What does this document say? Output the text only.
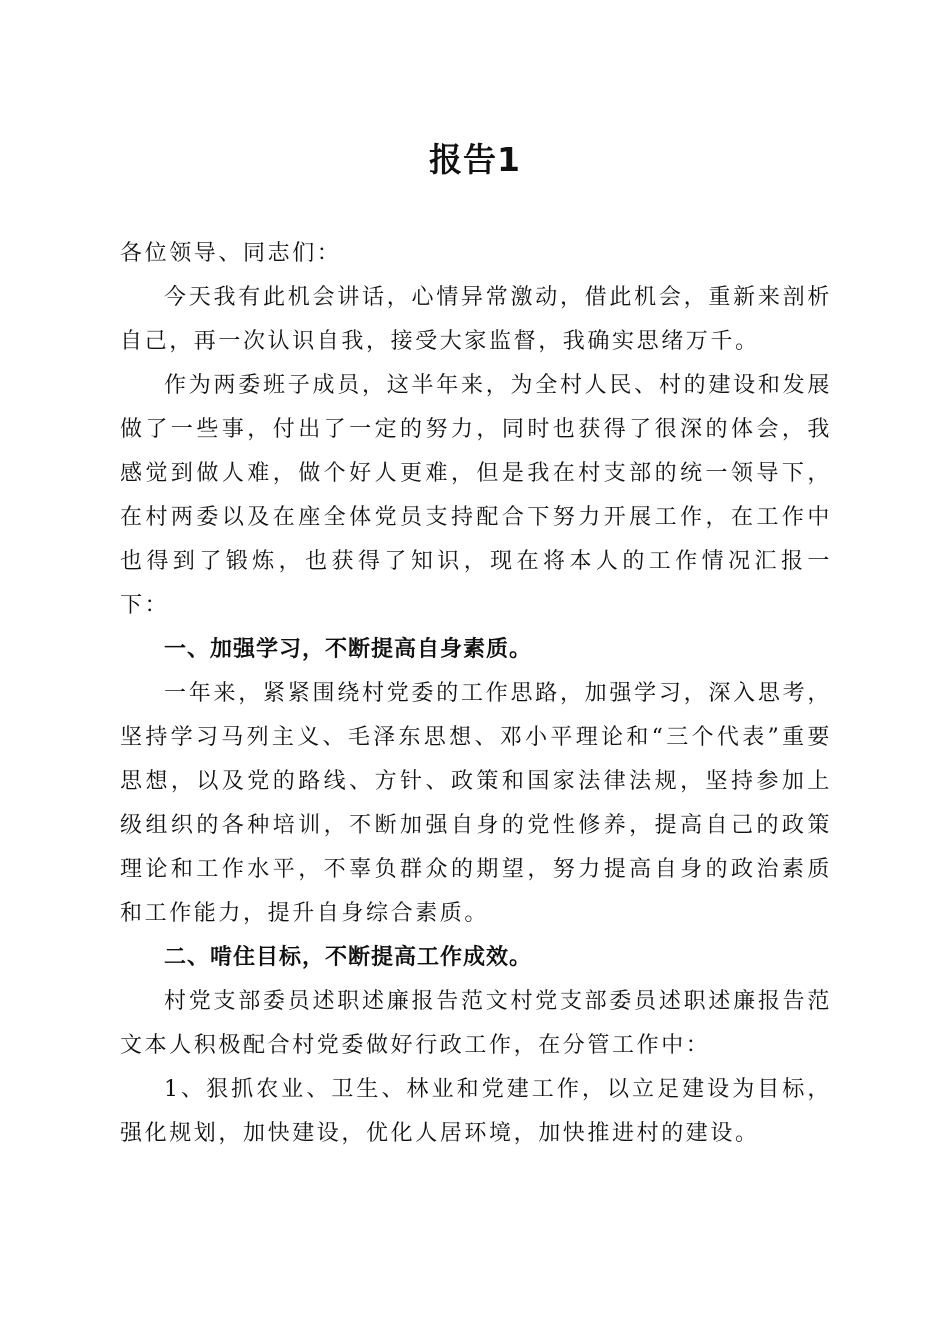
报告1

各位领导、同志们：

今天我有此机会讲话，心情异常激动，借此机会，重新来剖析自己，再一次认识自我，接受大家监督，我确实思绪万千。

作为两委班子成员，这半年来，为全村人民、村的建设和发展做了一些事，付出了一定的努力，同时也获得了很深的体会，我感觉到做人难，做个好人更难，但是我在村支部的统一领导下，在村两委以及在座全体党员支持配合下努力开展工作，在工作中也得到了锻炼，也获得了知识，现在将本人的工作情况汇报一下：

一、加强学习，不断提高自身素质。

一年来，紧紧围绕村党委的工作思路，加强学习，深入思考，坚持学习马列主义、毛泽东思想、邓小平理论和“三个代表”重要思想，以及党的路线、方针、政策和国家法律法规，坚持参加上级组织的各种培训，不断加强自身的党性修养，提高自己的政策理论和工作水平，不辜负群众的期望，努力提高自身的政治素质和工作能力，提升自身综合素质。

二、啃住目标，不断提高工作成效。

村党支部委员述职述廉报告范文村党支部委员述职述廉报告范文本人积极配合村党委做好行政工作，在分管工作中：

1、狠抓农业、卫生、林业和党建工作，以立足建设为目标，强化规划，加快建设，优化人居环境，加快推进村的建设。
